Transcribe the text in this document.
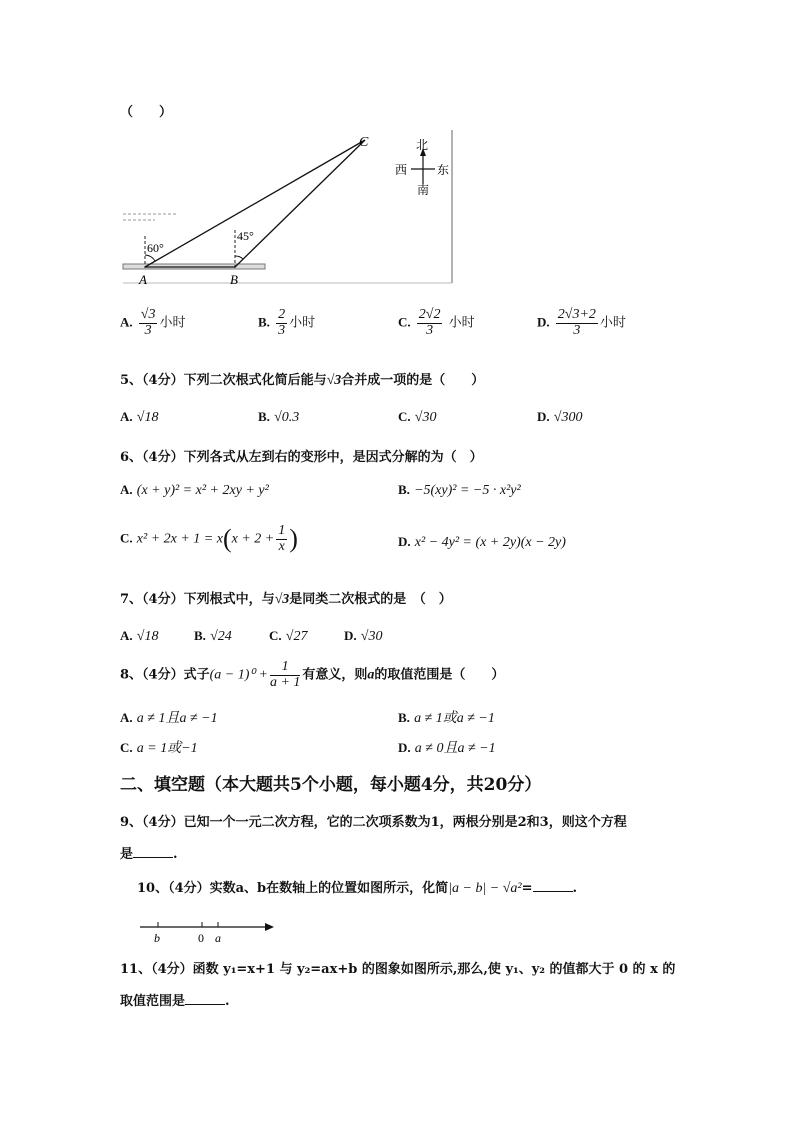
（　　）
C
A	B
60°
45°
北
南
西 东
A. $\frac{√3}{3}$ 小时	B. $\frac{2}{3}$ 小时	C. $\frac{2√2}{3}$ 小时	D. $\frac{2√3+2}{3}$ 小时
5、（4分）下列二次根式化简后能与√3合并成一项的是（　　）
A. √18	B. √0.3	C. √30	D. √300
6、（4分）下列各式从左到右的变形中，是因式分解的为（　）
A. (x + y)² = x² + 2xy + y²	B. −5(xy)² = −5 · x²y²
C. $x^2 + 2x + 1 = x(x + 2 + \frac{1}{x}$ )	D. x² − 4y² = (x + 2y)(x − 2y)
7、（4分）下列根式中，与√3是同类二次根式的是　（　）
A. √18	B. √24	C. √27	D. √30
8、（4分）式子$(a - 1)^0 + \frac{1}{a + 1}$ 有意义，则a的取值范围是（　　）
A. a ≠ 1且a ≠ −1	B. a ≠ 1或a ≠ −1
C. a = 1或−1	D. a ≠ 0且a ≠ −1
二、填空题（本大题共5个小题，每小题4分，共20分）
9、（4分）已知一个一元二次方程，它的二次项系数为1，两根分别是2和3，则这个方程
是	.
10、（4分）实数a、b在数轴上的位置如图所示，化简|a − b| − √a²=	.
b	0 a
11、（4分）函数 y₁=x+1 与 y₂=ax+b 的图象如图所示,那么,使 y₁、y₂ 的值都大于 0 的 x 的
取值范围是	.
